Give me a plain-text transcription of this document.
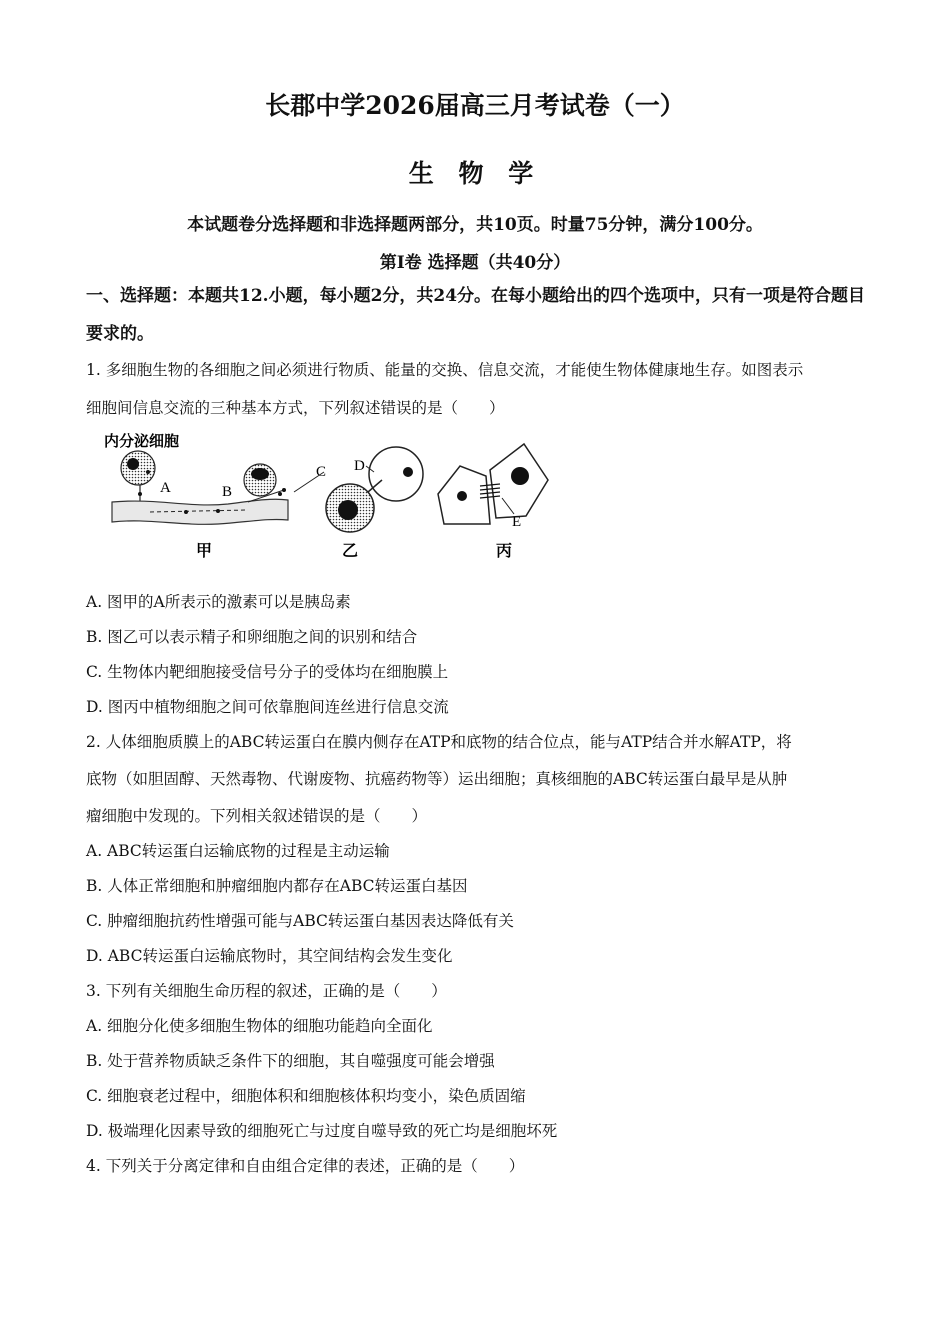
长郡中学2026届高三月考试卷（一）
生 物 学
本试题卷分选择题和非选择题两部分，共10页。时量75分钟，满分100分。
第Ⅰ卷 选择题（共40分）
一、选择题：本题共12.小题，每小题2分，共24分。在每小题给出的四个选项中，只有一项是符合题目要求的。
1. 多细胞生物的各细胞之间必须进行物质、能量的交换、信息交流，才能使生物体健康地生存。如图表示
细胞间信息交流的三种基本方式，下列叙述错误的是（　　）
内分泌细胞
A	B
C D
E
甲	乙	丙
A. 图甲的A所表示的激素可以是胰岛素
B. 图乙可以表示精子和卵细胞之间的识别和结合
C. 生物体内靶细胞接受信号分子的受体均在细胞膜上
D. 图丙中植物细胞之间可依靠胞间连丝进行信息交流
2. 人体细胞质膜上的ABC转运蛋白在膜内侧存在ATP和底物的结合位点，能与ATP结合并水解ATP，将
底物（如胆固醇、天然毒物、代谢废物、抗癌药物等）运出细胞；真核细胞的ABC转运蛋白最早是从肿
瘤细胞中发现的。下列相关叙述错误的是（　　）
A. ABC转运蛋白运输底物的过程是主动运输
B. 人体正常细胞和肿瘤细胞内都存在ABC转运蛋白基因
C. 肿瘤细胞抗药性增强可能与ABC转运蛋白基因表达降低有关
D. ABC转运蛋白运输底物时，其空间结构会发生变化
3. 下列有关细胞生命历程的叙述，正确的是（　　）
A. 细胞分化使多细胞生物体的细胞功能趋向全面化
B. 处于营养物质缺乏条件下的细胞，其自噬强度可能会增强
C. 细胞衰老过程中，细胞体积和细胞核体积均变小，染色质固缩
D. 极端理化因素导致的细胞死亡与过度自噬导致的死亡均是细胞坏死
4. 下列关于分离定律和自由组合定律的表述，正确的是（　　）
